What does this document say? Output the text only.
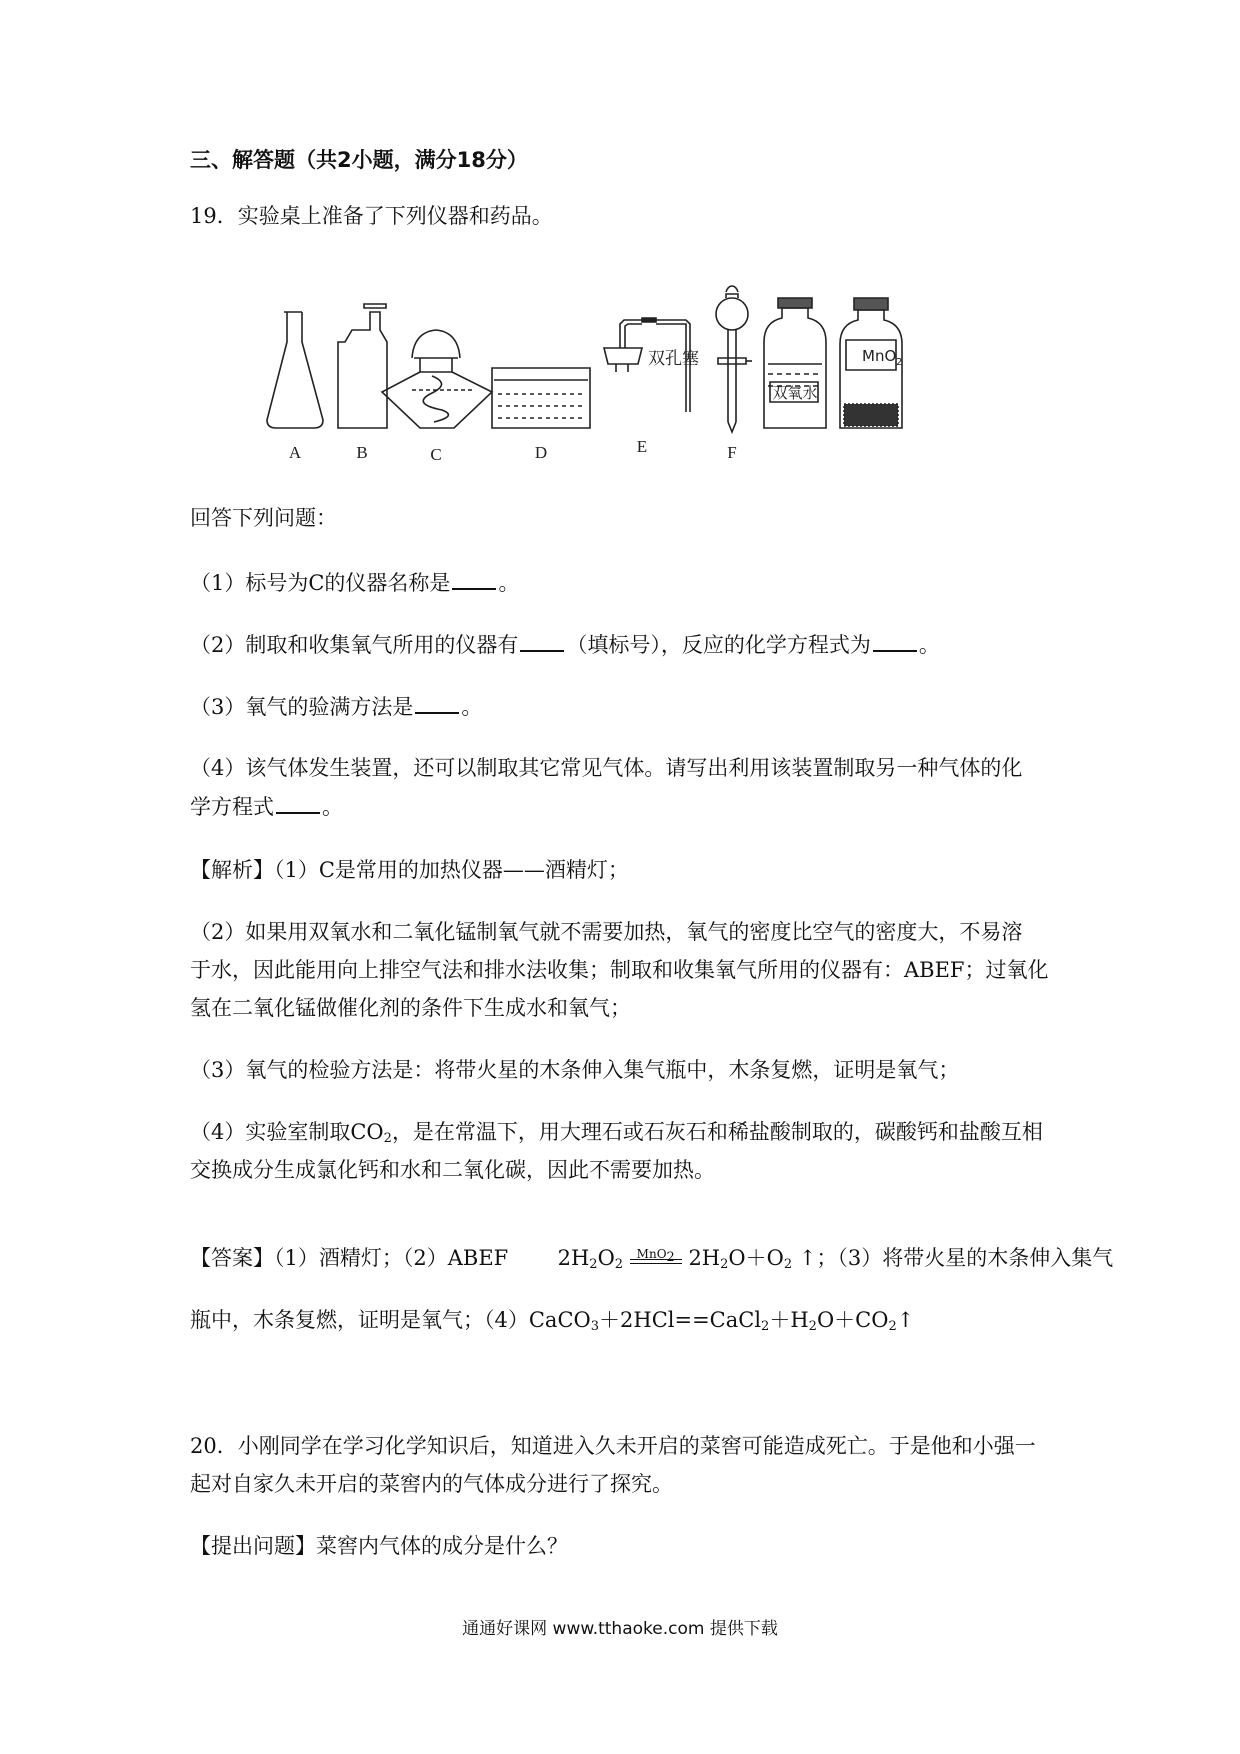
三、解答题（共2小题，满分18分）
19．实验桌上准备了下列仪器和药品。
A	B	C	D	E	F
双孔塞
双氧水
MnO 2
回答下列问题：
（1）标号为C的仪器名称是 。
（2）制取和收集氧气所用的仪器有 （填标号），反应的化学方程式为 。
（3）氧气的验满方法是 。
（4）该气体发生装置，还可以制取其它常见气体。请写出利用该装置制取另一种气体的化
学方程式 。
【解析】（1）C是常用的加热仪器——酒精灯；
（2）如果用双氧水和二氧化锰制氧气就不需要加热，氧气的密度比空气的密度大，不易溶
于水，因此能用向上排空气法和排水法收集；制取和收集氧气所用的仪器有：ABEF；过氧化
氢在二氧化锰做催化剂的条件下生成水和氧气；
（3）氧气的检验方法是：将带火星的木条伸入集气瓶中，木条复燃，证明是氧气；
（4）实验室制取$CO_2$，是在常温下，用大理石或石灰石和稀盐酸制取的，碳酸钙和盐酸互相
交换成分生成氯化钙和水和二氧化碳，因此不需要加热。
【答案】（1）酒精灯；（2）ABEF $2H_2O_2$
MnO$_2$ $2H_2O+O_2$ ↑；（3）将带火星的木条伸入集气
瓶中，木条复燃，证明是氧气；$(4)CaCO_3+2HCl==CaCl_2+H_2O+CO_2↑$
20．小刚同学在学习化学知识后，知道进入久未开启的菜窖可能造成死亡。于是他和小强一
起对自家久未开启的菜窖内的气体成分进行了探究。
【提出问题】菜窖内气体的成分是什么？
通通好课网 www.tthaoke.com 提供下载
